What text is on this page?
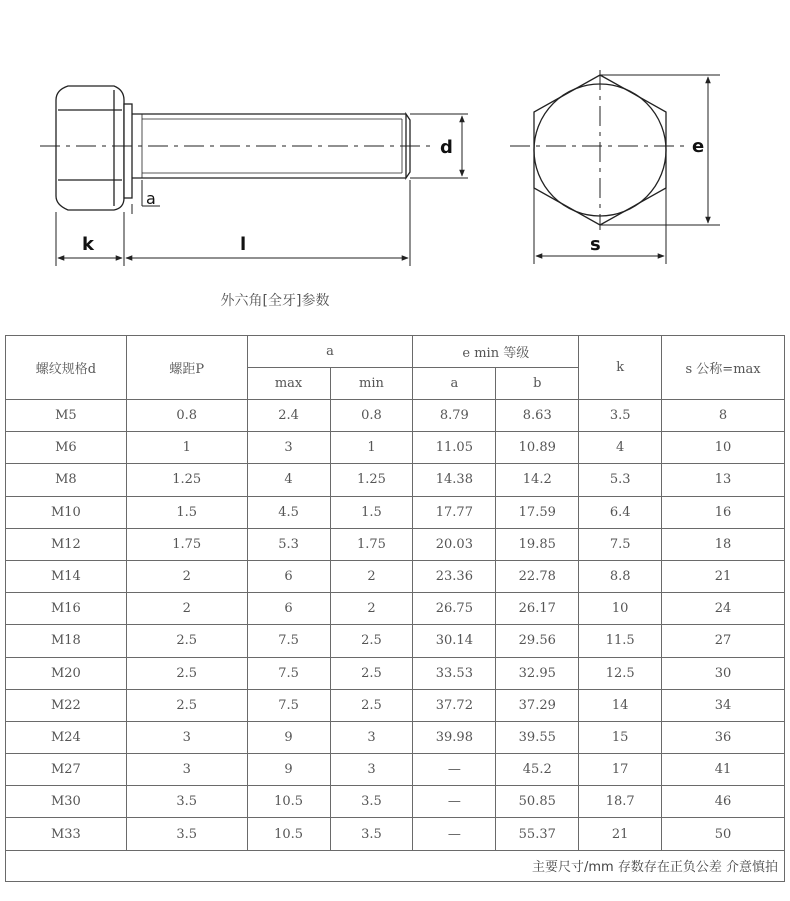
d
a
k	l
e
s
外六角[全牙]参数
螺纹规格d	螺距P	a		e min 等级		k	s 公称=max
		max	min	a	b		
M5	0.8	2.4	0.8	8.79	8.63	3.5	8
M6	1	3	1	11.05	10.89	4	10
M8	1.25	4	1.25	14.38	14.2	5.3	13
M10	1.5	4.5	1.5	17.77	17.59	6.4	16
M12	1.75	5.3	1.75	20.03	19.85	7.5	18
M14	2	6	2	23.36	22.78	8.8	21
M16	2	6	2	26.75	26.17	10	24
M18	2.5	7.5	2.5	30.14	29.56	11.5	27
M20	2.5	7.5	2.5	33.53	32.95	12.5	30
M22	2.5	7.5	2.5	37.72	37.29	14	34
M24	3	9	3	39.98	39.55	15	36
M27	3	9	3	—	45.2	17	41
M30	3.5	10.5	3.5	—	50.85	18.7	46
M33	3.5	10.5	3.5	—	55.37	21	50
主要尺寸/mm 存数存在正负公差 介意慎拍							
